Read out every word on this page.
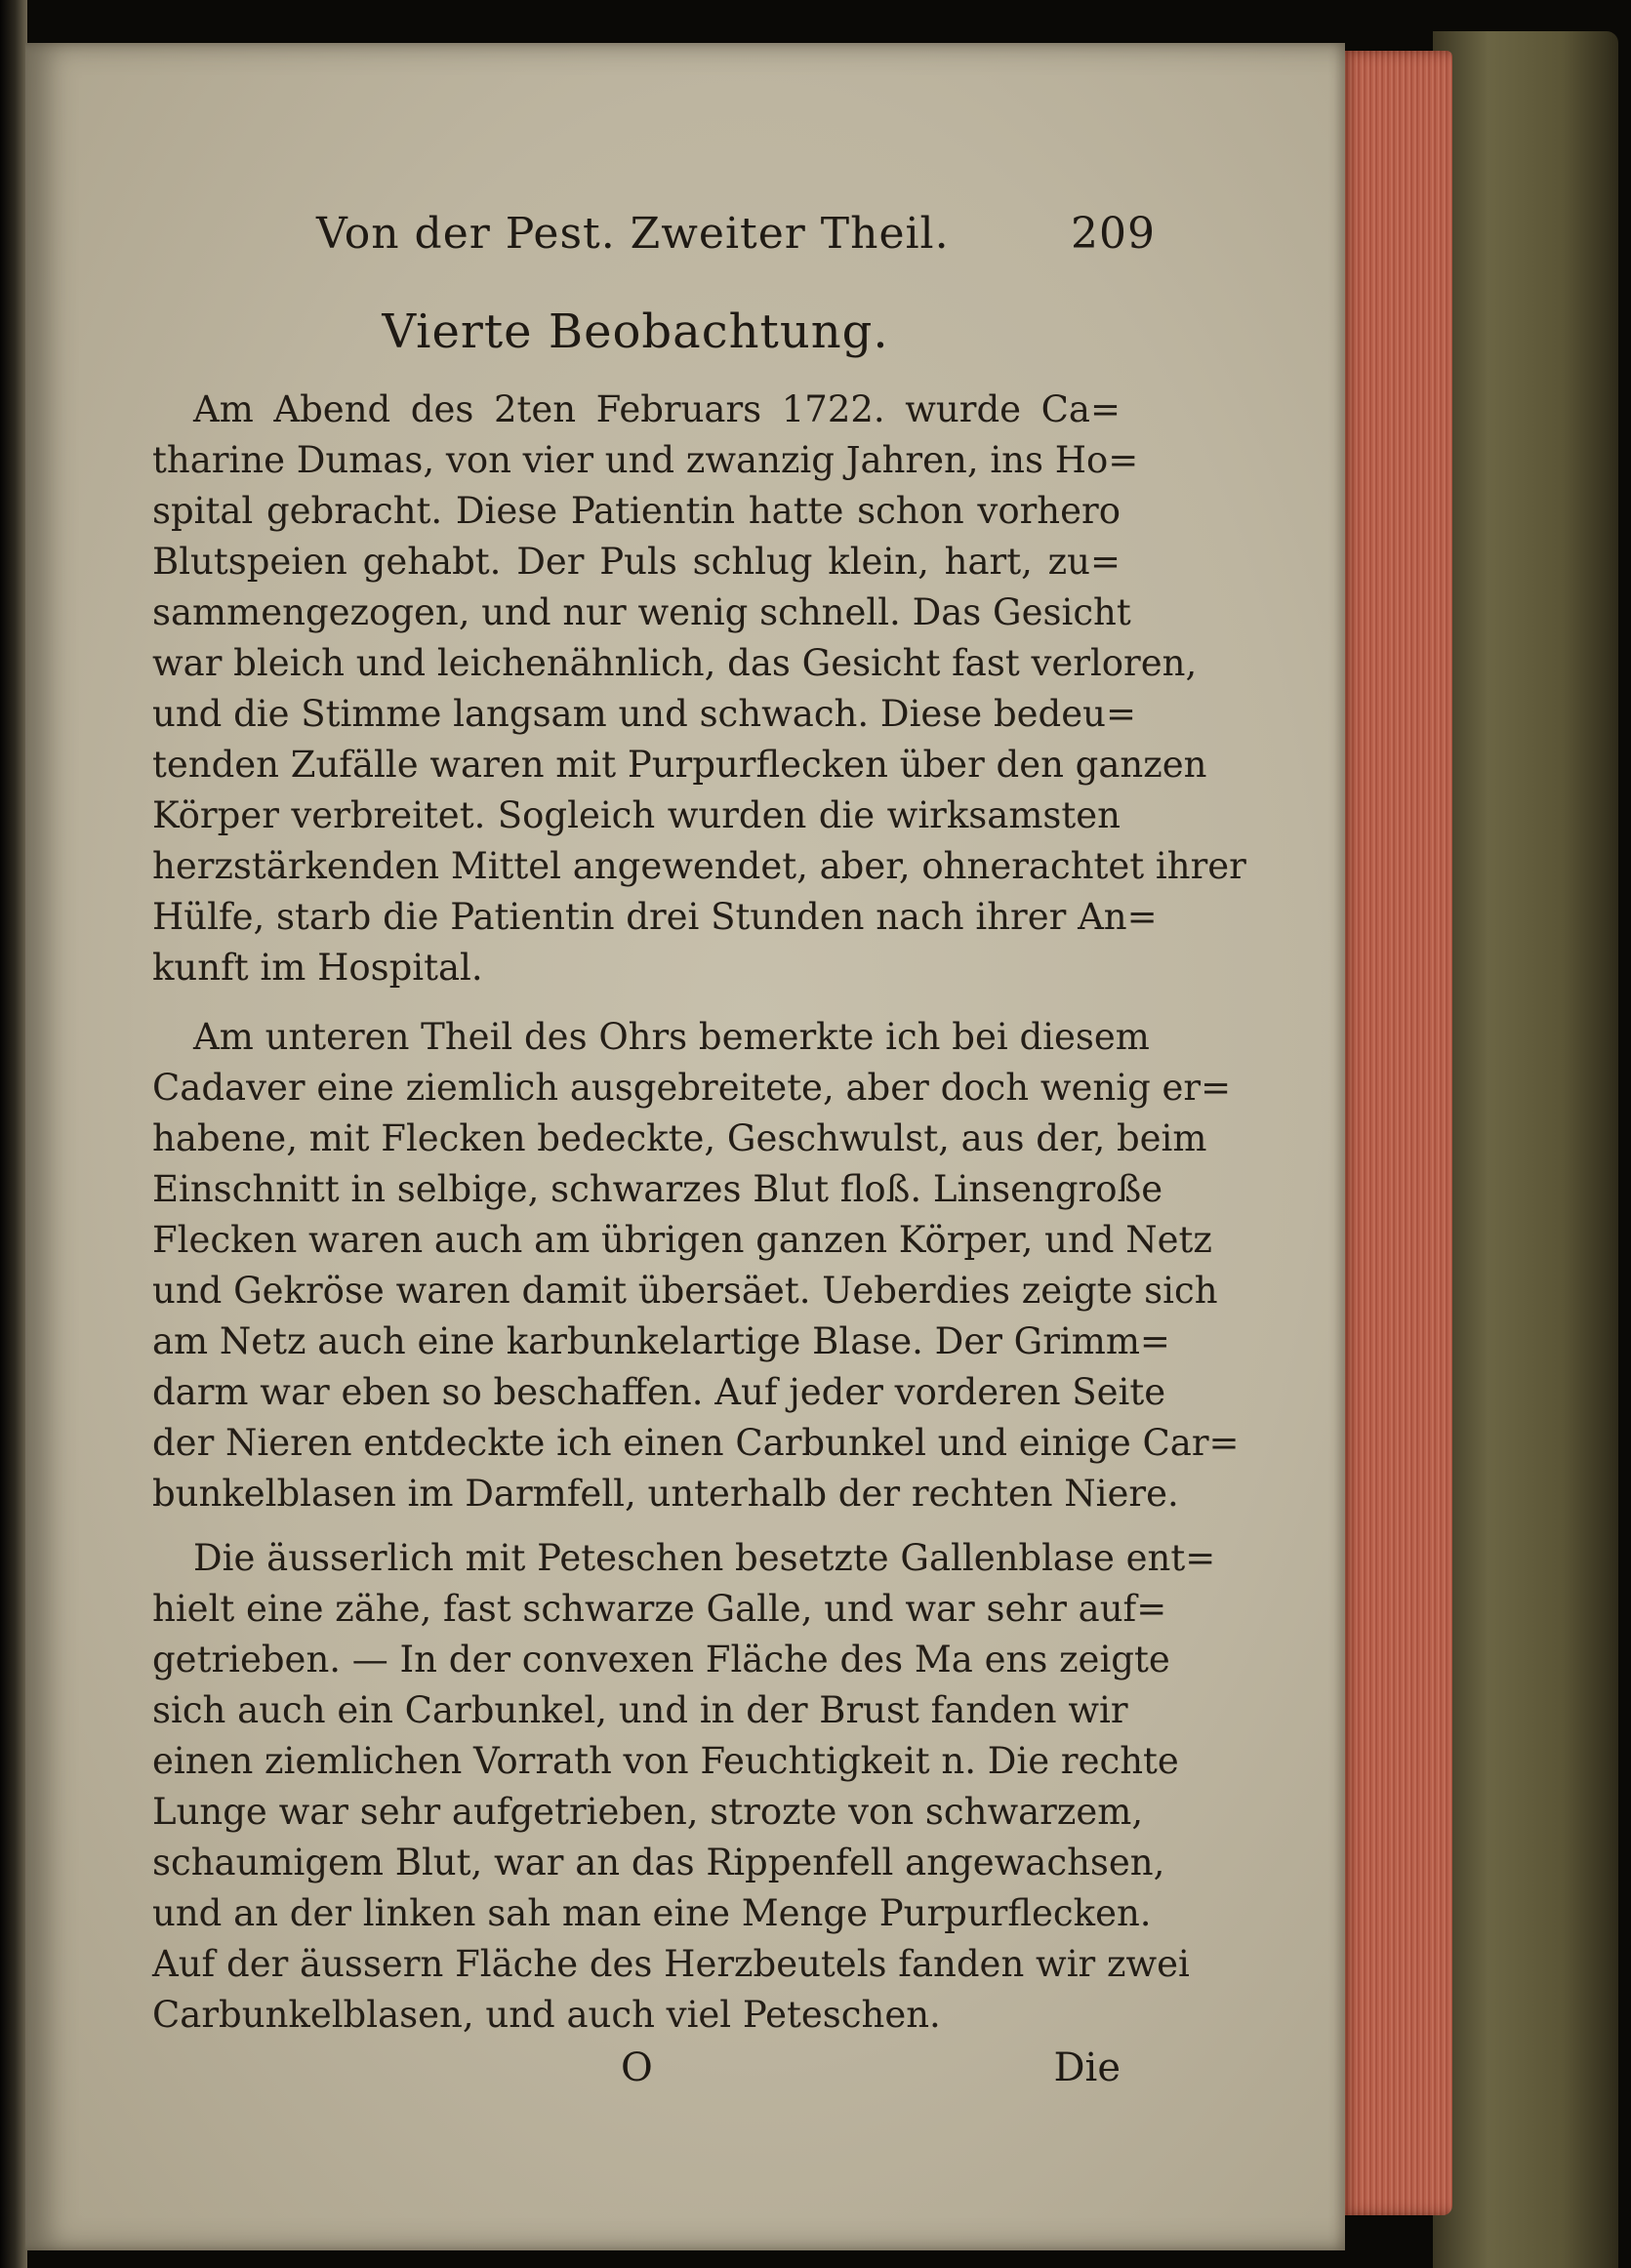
Von der Pest. Zweiter Theil.	209
Vierte Beobachtung.
Am Abend des 2ten Februars 1722. wurde Ca=
tharine Dumas, von vier und zwanzig Jahren, ins Ho=
spital gebracht. Diese Patientin hatte schon vorhero
Blutspeien gehabt. Der Puls schlug klein, hart, zu=
sammengezogen, und nur wenig schnell. Das Gesicht
war bleich und leichenähnlich, das Gesicht fast verloren,
und die Stimme langsam und schwach. Diese bedeu=
tenden Zufälle waren mit Purpurflecken über den ganzen
Körper verbreitet. Sogleich wurden die wirksamsten
herzstärkenden Mittel angewendet, aber, ohnerachtet ihrer
Hülfe, starb die Patientin drei Stunden nach ihrer An=
kunft im Hospital.
Am unteren Theil des Ohrs bemerkte ich bei diesem
Cadaver eine ziemlich ausgebreitete, aber doch wenig er=
habene, mit Flecken bedeckte, Geschwulst, aus der, beim
Einschnitt in selbige, schwarzes Blut floß. Linsengroße
Flecken waren auch am übrigen ganzen Körper, und Netz
und Gekröse waren damit übersäet. Ueberdies zeigte sich
am Netz auch eine karbunkelartige Blase. Der Grimm=
darm war eben so beschaffen. Auf jeder vorderen Seite
der Nieren entdeckte ich einen Carbunkel und einige Car=
bunkelblasen im Darmfell, unterhalb der rechten Niere.
Die äusserlich mit Peteschen besetzte Gallenblase ent=
hielt eine zähe, fast schwarze Galle, und war sehr auf=
getrieben. — In der convexen Fläche des Ma ens zeigte
sich auch ein Carbunkel, und in der Brust fanden wir
einen ziemlichen Vorrath von Feuchtigkeit n. Die rechte
Lunge war sehr aufgetrieben, strozte von schwarzem,
schaumigem Blut, war an das Rippenfell angewachsen,
und an der linken sah man eine Menge Purpurflecken.
Auf der äussern Fläche des Herzbeutels fanden wir zwei
Carbunkelblasen, und auch viel Peteschen.
O	Die
